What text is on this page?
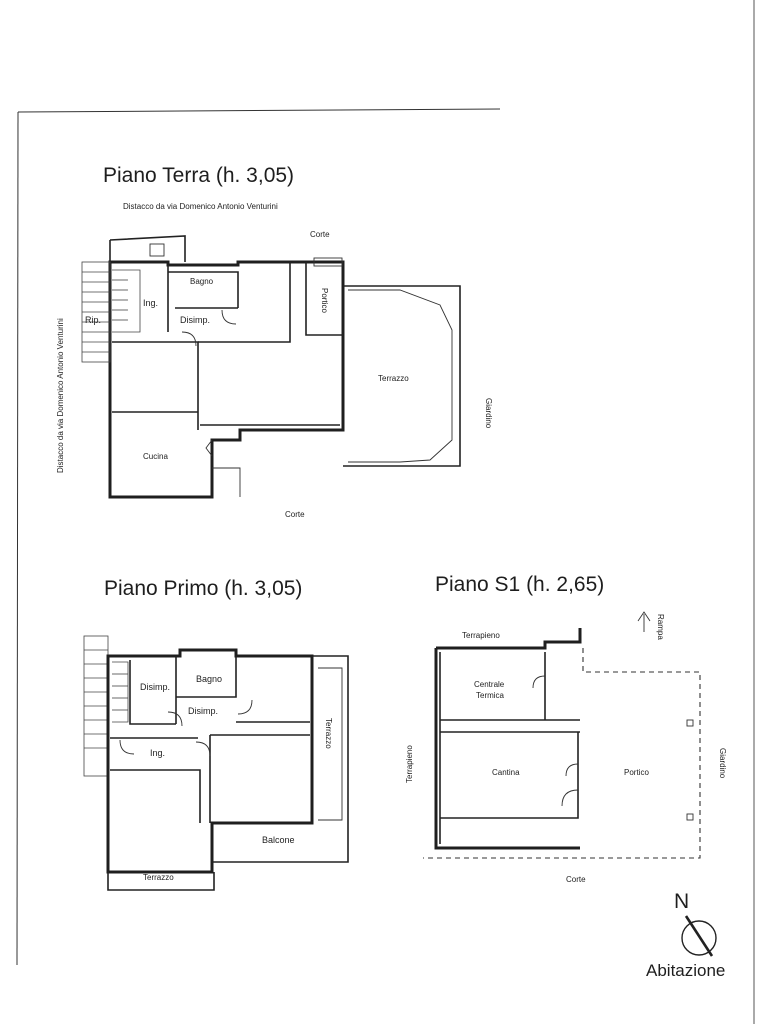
Piano Terra (h. 3,05)
Distacco da via Domenico Antonio Venturini
Distacco da via Domenico Antonio Venturini
Corte
Corte
Giardino
Rip.
Ing.
Bagno
Disimp.
Portico
Terrazzo
Cucina
Piano Primo (h. 3,05)
Disimp.
Bagno
Disimp.
Ing.
Terrazzo
Balcone
Terrazzo
Piano S1 (h. 2,65)
Terrapieno
Terrapieno
Rampa
Centrale
Termica
Cantina	Portico	Giardino
Corte
N
Abitazione
